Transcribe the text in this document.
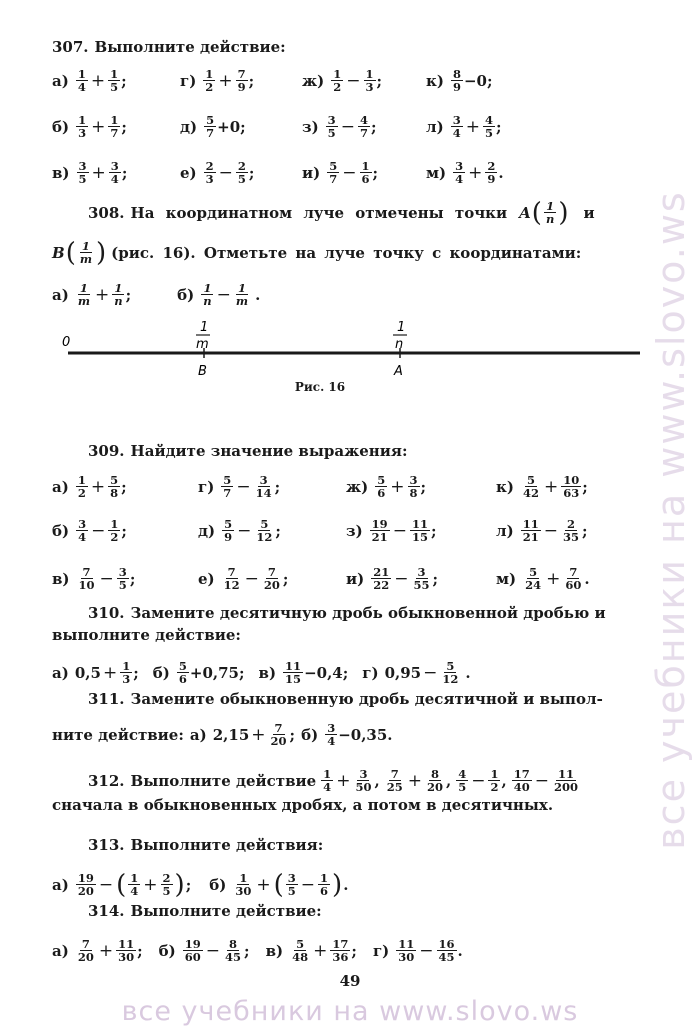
307. Выполните действие:
$а) \frac{1}{4} + \frac{1}{5}$ ;	$г) \frac{1}{2} + \frac{7}{9}$ ;	$ж) \frac{1}{2} - \frac{1}{3}$ ;	$к) \frac{8}{9} -0$ ;
$б) \frac{1}{3} + \frac{1}{7}$ ;	$д) \frac{5}{7} +0$ ;	$з) \frac{3}{5} - \frac{4}{7}$ ;	$л) \frac{3}{4} + \frac{4}{5}$ ;
$в) \frac{3}{5} + \frac{3}{4}$ ;	$е) \frac{2}{3} - \frac{2}{5}$ ;	$и) \frac{5}{7} - \frac{1}{6}$ ;	$м) \frac{3}{4} + \frac{2}{9}$ .
308. На координатном луче отмечены точки A ( $\frac{1}{n}$ ) и
B ( $\frac{1}{m}$ ) (рис. 16). Отметьте на луче точку с координатами:
$а) \frac{1}{m} + \frac{1}{n}$ ;	$б) \frac{1}{n} - \frac{1}{m}$ .
0
1
m
1
n
B	A
Рис. 16
309. Найдите значение выражения:
$а) \frac{1}{2} + \frac{5}{8}$ ;	$г) \frac{5}{7} - \frac{3}{14}$ ;	$ж) \frac{5}{6} + \frac{3}{8}$ ;	$к) \frac{5}{42} + \frac{10}{63}$ ;
$б) \frac{3}{4} - \frac{1}{2}$ ;	$д) \frac{5}{9} - \frac{5}{12}$ ;	$з) \frac{19}{21} - \frac{11}{15}$ ;	$л) \frac{11}{21} - \frac{2}{35}$ ;
$в) \frac{7}{10} - \frac{3}{5}$ ;	$е) \frac{7}{12} - \frac{7}{20}$ ;	$и) \frac{21}{22} - \frac{3}{55}$ ;	$м) \frac{5}{24} + \frac{7}{60}$ .
310. Замените десятичную дробь обыкновенной дробью и
выполните действие:
а) $0,5 + \frac{1}{3}$ ; $б) \frac{5}{6} +0,75$; $в) \frac{11}{15} -0,4$; г) $0,95 - \frac{5}{12}$ .
311. Замените обыкновенную дробь десятичной и выпол-
ните действие: а) $2,15 + \frac{7}{20}$ ; $б) \frac{3}{4} -0,35$.
312. Выполните действие $\frac{1}{4} + \frac{3}{50}$ , $\frac{7}{25} + \frac{8}{20}$ , $\frac{4}{5} - \frac{1}{2}$ , $\frac{17}{40} - \frac{11}{200}$
сначала в обыкновенных дробях, а потом в десятичных.
313. Выполните действия:
$а) \frac{19}{20}$ − ( $\frac{1}{4} + \frac{2}{5}$ ) ; $б) \frac{1}{30}$ + ( $\frac{3}{5} - \frac{1}{6}$ ) .
314. Выполните действие:
$а) \frac{7}{20} + \frac{11}{30}$ ; $б) \frac{19}{60} - \frac{8}{45}$ ; $в) \frac{5}{48} + \frac{17}{36}$ ; $г) \frac{11}{30} - \frac{16}{45}$ .
49
все учебники на www.slovo.ws
все учебники на www.slovo.ws
